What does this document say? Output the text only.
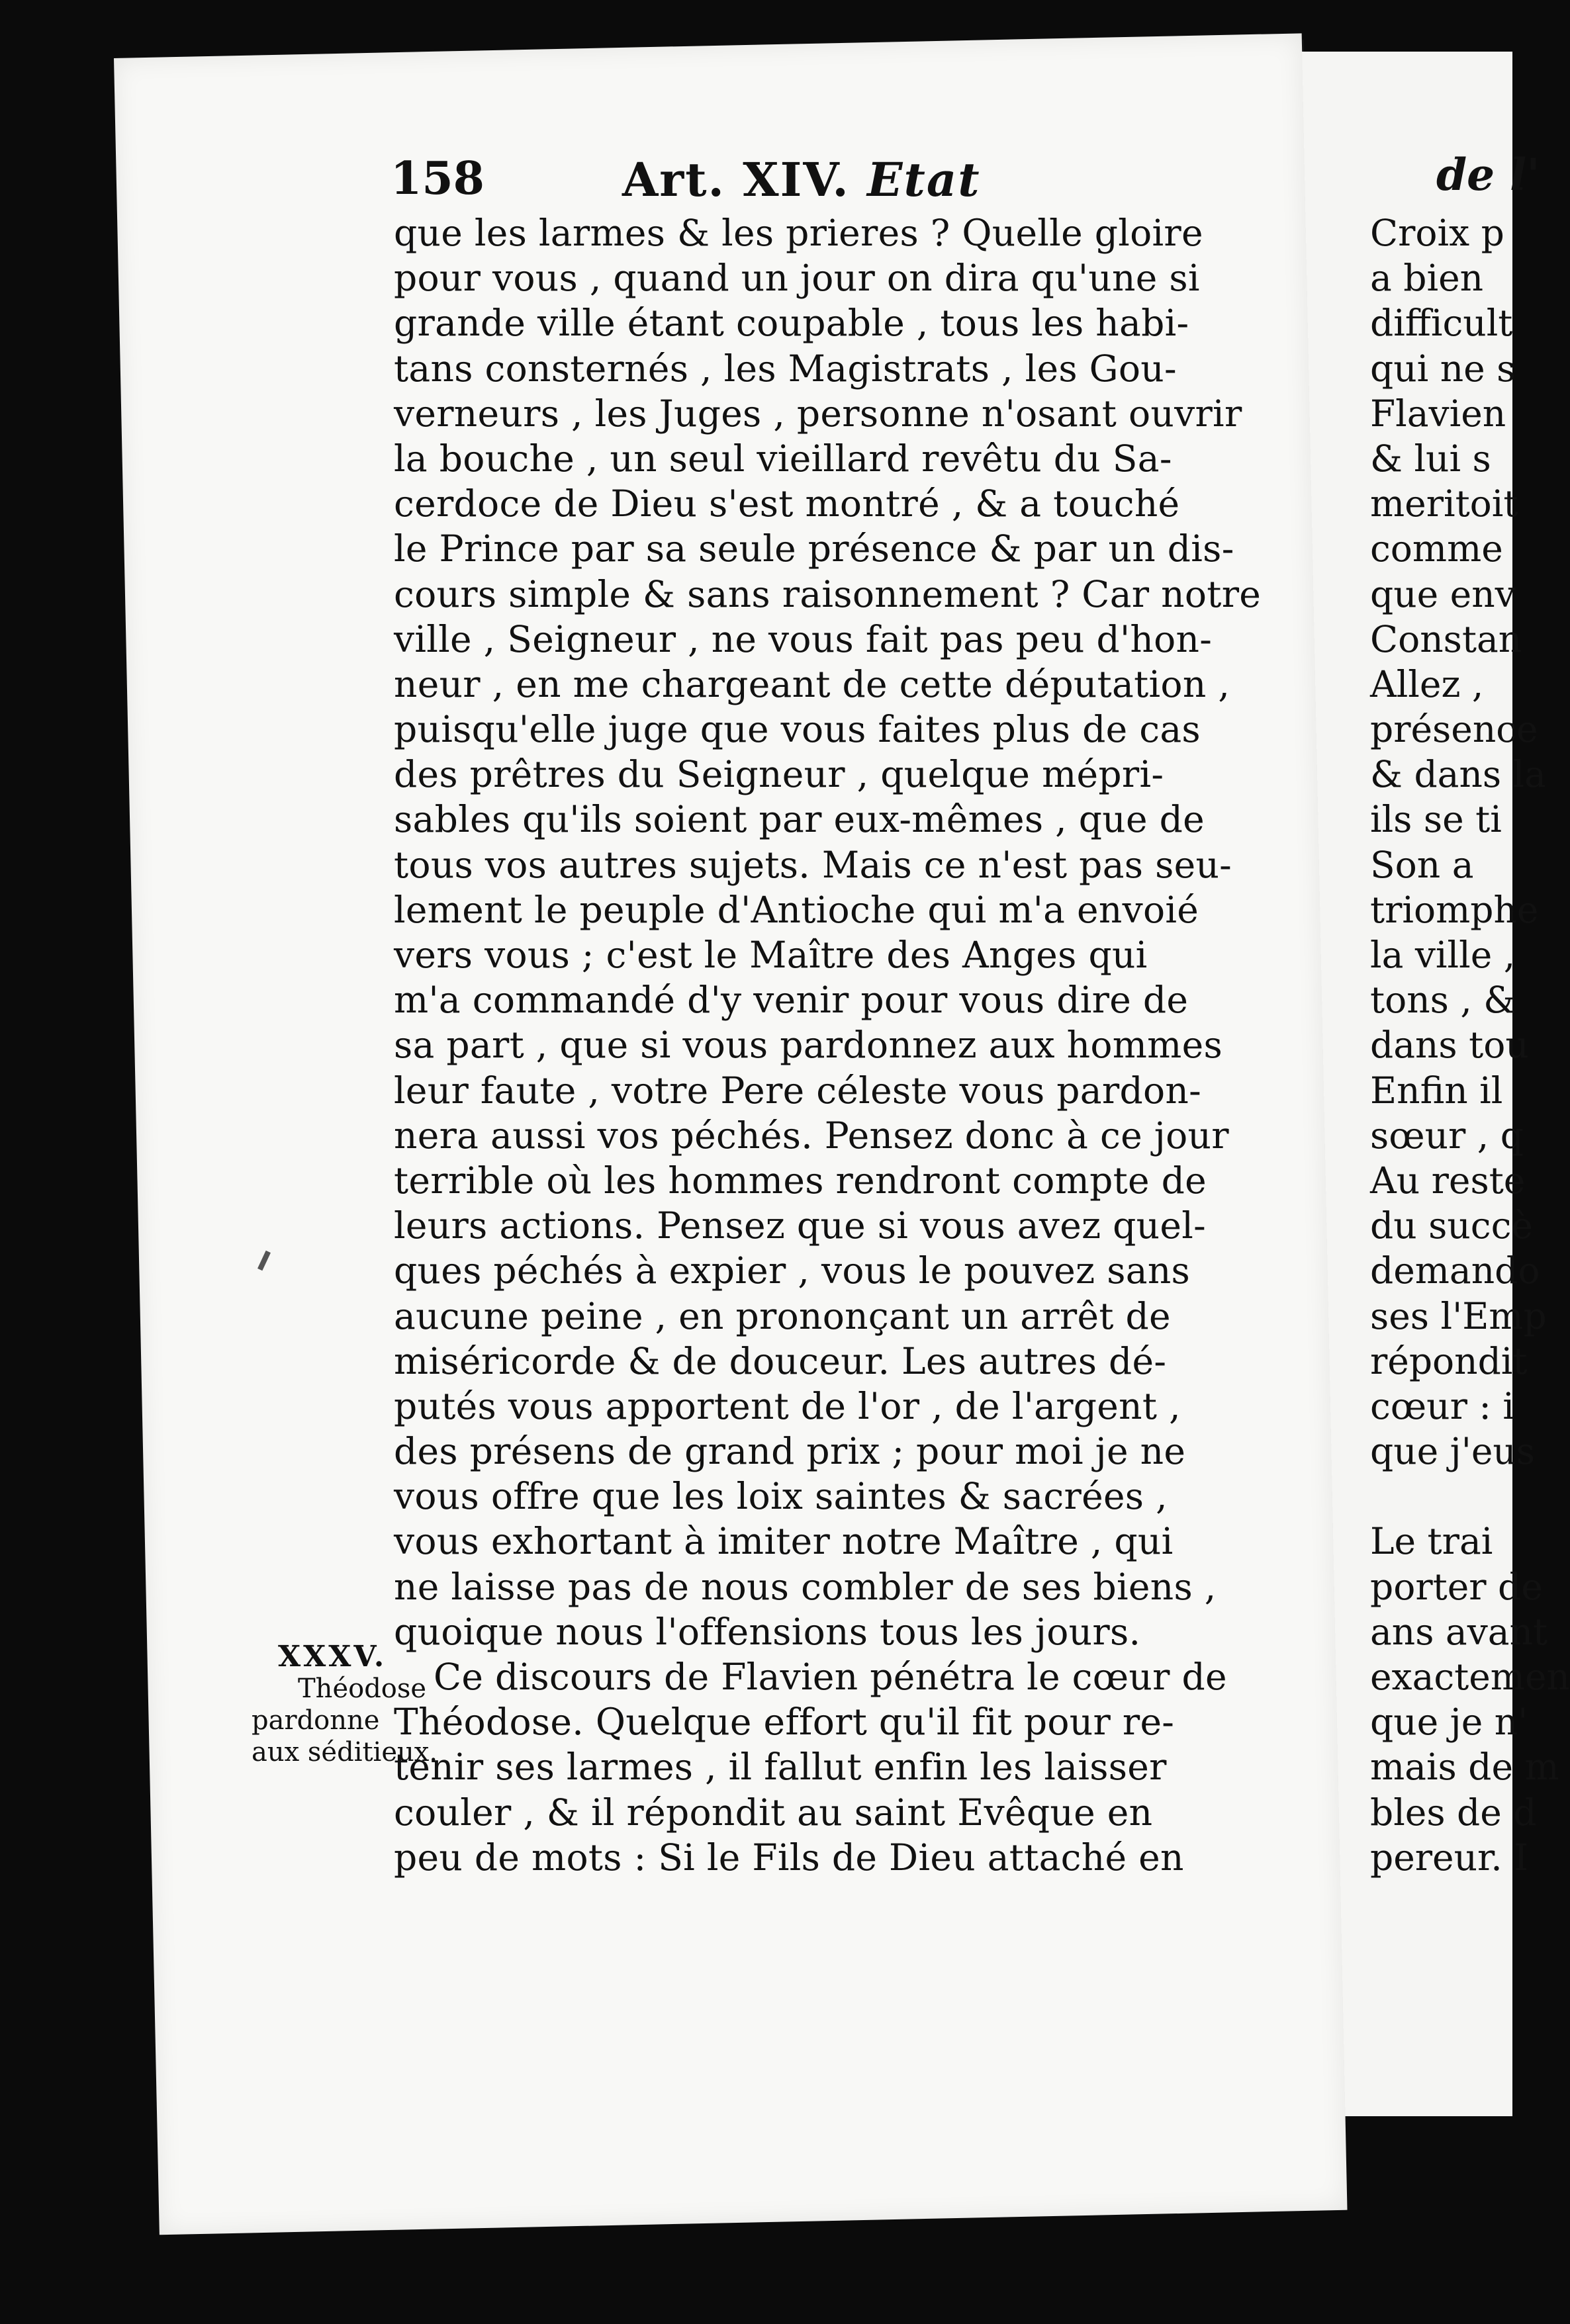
158	Art. XIV. Etat
que les larmes & les prieres ? Quelle gloire
pour vous , quand un jour on dira qu'une si
grande ville étant coupable , tous les habi-
tans consternés , les Magistrats , les Gou-
verneurs , les Juges , personne n'osant ouvrir
la bouche , un seul vieillard revêtu du Sa-
cerdoce de Dieu s'est montré , & a touché
le Prince par sa seule présence & par un dis-
cours simple & sans raisonnement ? Car notre
ville , Seigneur , ne vous fait pas peu d'hon-
neur , en me chargeant de cette députation ,
puisqu'elle juge que vous faites plus de cas
des prêtres du Seigneur , quelque mépri-
sables qu'ils soient par eux-mêmes , que de
tous vos autres sujets. Mais ce n'est pas seu-
lement le peuple d'Antioche qui m'a envoié
vers vous ; c'est le Maître des Anges qui
m'a commandé d'y venir pour vous dire de
sa part , que si vous pardonnez aux hommes
leur faute , votre Pere céleste vous pardon-
nera aussi vos péchés. Pensez donc à ce jour
terrible où les hommes rendront compte de
leurs actions. Pensez que si vous avez quel-
ques péchés à expier , vous le pouvez sans
aucune peine , en prononçant un arrêt de
miséricorde & de douceur. Les autres dé-
putés vous apportent de l'or , de l'argent ,
des présens de grand prix ; pour moi je ne
vous offre que les loix saintes & sacrées ,
vous exhortant à imiter notre Maître , qui
ne laisse pas de nous combler de ses biens ,
quoique nous l'offensions tous les jours.
Ce discours de Flavien pénétra le cœur de
Théodose. Quelque effort qu'il fit pour re-
tenir ses larmes , il fallut enfin les laisser
couler , & il répondit au saint Evêque en
peu de mots : Si le Fils de Dieu attaché en
XXXV.
Théodose
pardonne
aux séditieux.
de l'
Croix p
a bien
difficult
qui ne s
Flavien
& lui s
meritoit
comme
que env
Constan
Allez ,
présence
& dans la
ils se ti
Son a
triomphe
la ville ,
tons , &
dans tou
Enfin il
sœur , q
Au reste
du succè
demando
ses l'Emp
répondit
cœur : i
que j'eus
Le trai
porter de
ans avant
exactemen
que je n'
mais de m
bles de d
pereur. I
